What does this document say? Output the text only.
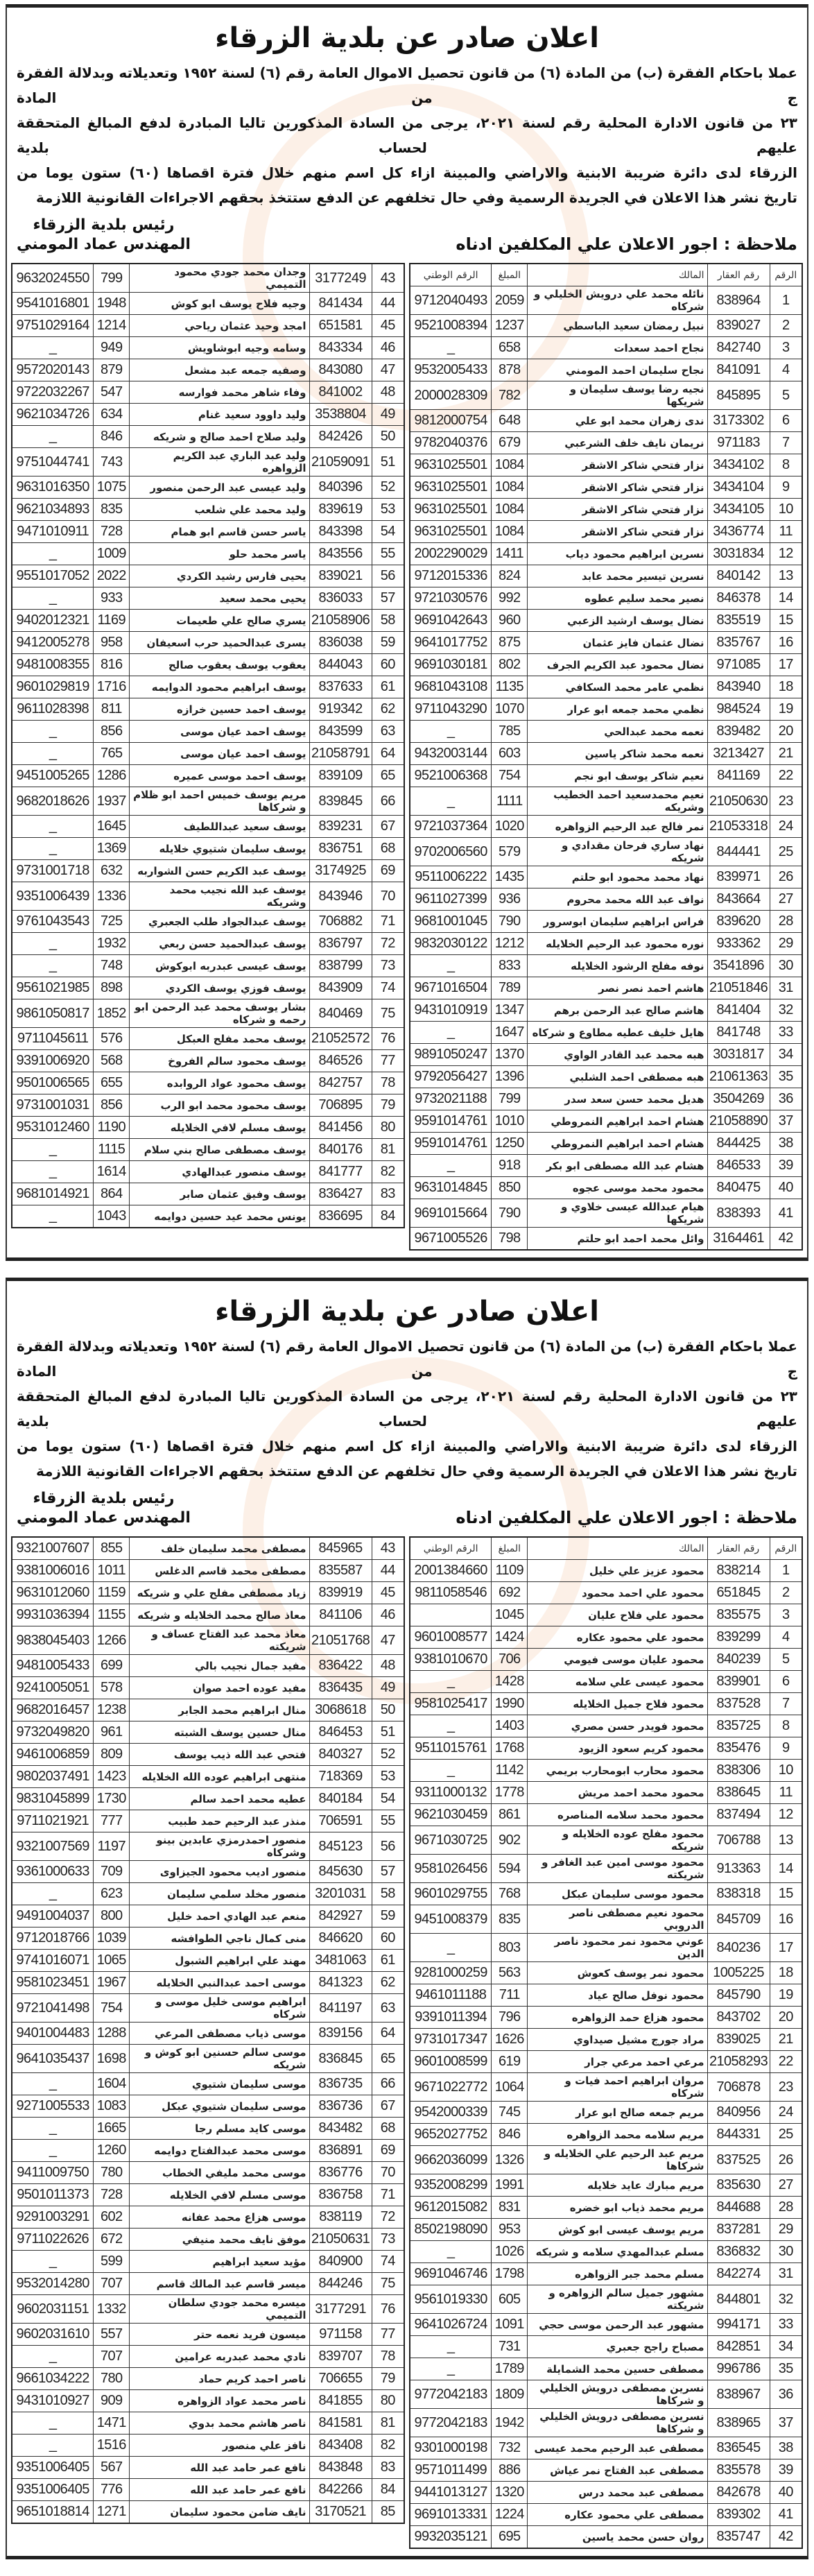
اعلان صادر عن بلدية الزرقاء
عملا باحكام الفقرة (ب) من المادة (٦) من قانون تحصيل الاموال العامة رقم (٦) لسنة ١٩٥٢ وتعديلاته وبدلالة الفقرة ج من المادة
٢٣ من قانون الادارة المحلية رقم لسنة ٢٠٢١، يرجى من السادة المذكورين تاليا المبادرة لدفع المبالغ المتحققة عليهم لحساب بلدية
الزرقاء لدى دائرة ضريبة الابنية والاراضي والمبينة ازاء كل اسم منهم خلال فترة اقصاها (٦٠) ستون يوما من
تاريخ نشر هذا الاعلان في الجريدة الرسمية وفي حال تخلفهم عن الدفع ستتخذ بحقهم الاجراءات القانونية اللازمة
ملاحظة : اجور الاعلان علي المكلفين ادناه
رئيس بلدية الزرقاء
المهندس عماد المومني
الرقم	رقم العقار	المالك	المبلغ	الرقم الوطني
1	838964	نائله محمد علي درويش الخليلي و شركاه	2059	9712040493
2	839027	نبيل رمضان سعيد الباسطي	1237	9521008394
3	842740	نجاح احمد سعدات	658	_
4	841091	نجاح سليمان احمد المومني	878	9532005433
5	845895	نجيه رضا يوسف سليمان و شريكها	782	2000028309
6	3173302	ندى زهران محمد ابو علي	648	9812000754
7	971183	نريمان نايف خلف الشرعبي	679	9782040376
8	3434102	نزار فتحي شاكر الاشقر	1084	9631025501
9	3434104	نزار فتحي شاكر الاشقر	1084	9631025501
10	3434105	نزار فتحي شاكر الاشقر	1084	9631025501
11	3436774	نزار فتحي شاكر الاشقر	1084	9631025501
12	3031834	نسرين ابراهيم محمود دياب	1411	2002290029
13	840142	نسرين تيسير محمد عابد	824	9712015336
14	846378	نصير محمد سليم عطوه	992	9721030576
15	835519	نضال يوسف ارشيد الزعبي	960	9691042643
16	835767	نضال عثمان فايز عثمان	875	9641017752
17	971085	نضال محمود عبد الكريم الجرف	802	9691030181
18	843940	نظمي عامر محمد السكافي	1135	9681043108
19	984524	نظمي محمد جمعه ابو عرار	1070	9711043290
20	839482	نعمه محمد عبدالحي	785	_
21	3213427	نعمه محمد شاكر ياسين	603	9432003144
22	841169	نعيم شاكر يوسف ابو نجم	754	9521006368
23	21050630	نعيم محمدسعيد احمد الخطيب وشريكه	1111	_
24	21053318	نمر فالح عبد الرحيم الزواهره	1020	9721037364
25	844441	نهاد ساري فرحان مقدادي و شريكه	579	9702006560
26	839971	نهاد محمد محمود ابو حلتم	1435	9511006222
27	843664	نواف عبد الله محمد محروم	936	9611027399
28	839620	فراس ابراهيم سليمان ابوسرور	790	9681001045
29	933362	نوره محمود عبد الرحيم الخلايله	1212	9832030122
30	3541896	نوفه مفلح الرشود الخلايله	833	_
31	21051846	هاشم احمد نصر نصر	789	9671016504
32	841404	هاشم صالح عبد الرحمن برهم	1347	9431010919
33	841748	هايل خليف عطيه مطاوع و شركاه	1647	_
34	3031817	هبه محمد عبد القادر الواوي	1370	9891050247
35	21061363	هبه مصطفى احمد الشلبي	1396	9792056427
36	3504269	هديل محمد حسن سعد سدر	799	9732021188
37	21058890	هشام احمد ابراهيم النمروطي	1010	9591014761
38	844425	هشام احمد ابراهيم النمروطي	1250	9591014761
39	846533	هشام عبد الله مصطفى ابو بكر	918	_
40	840475	محمود محمد موسى عجوه	850	9631014845
41	838393	هيام عبدالله عيسى خلاوي و شريكها	790	9691015664
42	3164461	وائل محمد احمد ابو حلتم	798	9671005526
43	3177249	وجدان محمد جودي محمود التميمي	799	9632024550
44	841434	وجيه فلاح يوسف ابو كوش	1948	9541016801
45	651581	امجد وحيد عثمان رياحي	1214	9751029164
46	843334	وسامه وجيه ابوشاويش	949	_
47	843080	وصفيه جمعه عبد مشعل	879	9572020143
48	841002	وفاء شاهر محمد فوارسه	547	9722032267
49	3538804	وليد داوود سعيد غنام	634	9621034726
50	842426	وليد صلاح احمد صالح و شريكه	846	_
51	21059091	وليد عبد الباري عبد الكريم الزواهره	743	9751044741
52	840396	وليد عيسى عبد الرحمن منصور	1075	9631016350
53	839619	وليد محمد علي شلعب	835	9621034893
54	843398	ياسر حسن قاسم ابو همام	728	9471010911
55	843556	ياسر محمد حلو	1009	_
56	839021	يحيى فارس رشيد الكردي	2022	9551017052
57	836033	يحيى محمد سعيد	933	_
58	21058906	يسري صالح علي طعيمات	1169	9402012321
59	836038	يسرى عبدالحميد حرب اسعيفان	958	9412005278
60	844043	يعقوب يوسف يعقوب صالح	816	9481008355
61	837633	يوسف ابراهيم محمود الدوايمه	1716	9601029819
62	919342	يوسف احمد حسين خرازه	811	9611028398
63	843599	يوسف احمد عيان موسى	856	_
64	21058791	يوسف احمد عيان موسى	765	_
65	839109	يوسف احمد موسى عميره	1286	9451005265
66	839845	مريم يوسف خميس احمد ابو ظلام و شركاها	1937	9682018626
67	839231	يوسف سعيد عبداللطيف	1645	_
68	836751	يوسف سليمان شتيوي خلايله	1369	_
69	3174925	يوسف عبد الكريم حسن الشواربه	632	9731001718
70	843946	يوسف عبد الله نجيب محمد وشريكه	1336	9351006439
71	706882	يوسف عبدالجواد طلب الجعبري	725	9761043543
72	836797	يوسف عبدالحميد حسن ربعي	1932	_
73	838799	يوسف عيسى عبدربه ابوكوش	748	_
74	843909	يوسف فوزي يوسف الكردي	898	9561021985
75	840469	بشار يوسف محمد عبد الرحمن ابو رحمه و شركاه	1852	9861050817
76	21052572	يوسف محمد مفلح العبكل	576	9711045611
77	846526	يوسف محمود سالم الفروخ	568	9391006920
78	842757	يوسف محمود عواد الروابده	655	9501006565
79	706895	يوسف محمود محمد ابو الرب	856	9731001031
80	841456	يوسف مسلم لافي الخلايله	1190	9531012460
81	840176	يوسف مصطفى صالح بني سلام	1115	_
82	841777	يوسف منصور عبدالهادي	1614	_
83	836427	يوسف وفيق عثمان صابر	864	9681014921
84	836695	يونس محمد عيد حسين دوايمه	1043	_
اعلان صادر عن بلدية الزرقاء
عملا باحكام الفقرة (ب) من المادة (٦) من قانون تحصيل الاموال العامة رقم (٦) لسنة ١٩٥٢ وتعديلاته وبدلالة الفقرة ج من المادة
٢٣ من قانون الادارة المحلية رقم لسنة ٢٠٢١، يرجى من السادة المذكورين تاليا المبادرة لدفع المبالغ المتحققة عليهم لحساب بلدية
الزرقاء لدى دائرة ضريبة الابنية والاراضي والمبينة ازاء كل اسم منهم خلال فترة اقصاها (٦٠) ستون يوما من
تاريخ نشر هذا الاعلان في الجريدة الرسمية وفي حال تخلفهم عن الدفع ستتخذ بحقهم الاجراءات القانونية اللازمة
ملاحظة : اجور الاعلان علي المكلفين ادناه
رئيس بلدية الزرقاء
المهندس عماد المومني
الرقم	رقم العقار	المالك	المبلغ	الرقم الوطني
1	838214	محمود عزيز علي خليل	1109	2001384660
2	651845	محمود علي احمد محمود	692	9811058546
3	835575	محمود علي فلاح عليان	1045	
4	839299	محمود علي محمود عكاره	1424	9601008577
5	840239	محمود عليان موسى فيومي	706	9381010670
6	839901	محمود عيسى علي سلامه	1428	_
7	837528	محمود فلاح جميل الخلايله	1990	9581025417
8	835725	محمود فويدر حسن مصري	1403	_
9	835476	محمود كريم سعود الزيود	1768	9511015761
10	838306	محمود محارب ابومحارب بريمي	1142	_
11	838645	محمود محمد احمد مريش	1778	9311000132
12	837494	محمود محمد سلامه المناصره	861	9621030459
13	706788	محمود مفلح عوده الخلايله و شريكه	902	9671030725
14	913363	محمود موسى امين عبد الغافر و شريكته	594	9581026456
15	838318	محمود موسى سليمان عبكل	768	9601029755
16	845709	محمود نعيم مصطفى ناصر الدروبي	835	9451008379
17	840236	عوني محمود نمر محمود ناصر الدين	803	_
18	1005225	محمود نمر يوسف كعوش	563	9281000259
19	845790	محمود نوفل صالح عياد	711	9461011188
20	843702	محمود هزاع حمد الزواهره	796	9391011394
21	839025	مراد جورج مشيل صيداوي	1626	9731017347
22	21058293	مرعي احمد مرعي جرار	619	9601008599
23	706878	مروان ابراهيم احمد فيات و شركاه	1064	9671022772
24	840956	مريم جمعه صالح ابو عرار	745	9542000339
25	844331	مريم سلامه محمد الزواهره	846	9652027752
26	837525	مريم عبد الرحيم علي الخلايله و شركاها	1326	9662036099
27	835630	مريم مبارك عايد خلايله	1991	9352008299
28	844688	مريم محمد ذياب ابو خضره	831	9612015082
29	837281	مريم يوسف عيسى ابو كوش	953	8502198090
30	836832	مسلم عبدالمهدي سلامه و شريكه	1026	_
31	842274	مسلم محمد جبر الزواهره	1798	9691046746
32	844801	مشهور جميل سالم الزواهره و شريكته	605	9561019330
33	994171	مشهور عبد الرحمن موسى حجي	1091	9641026724
34	842851	مصباح راجح جعبري	731	_
35	996786	مصطفى حسين محمد الشمايلة	1789	_
36	838967	نسرين مصطفى درويش الخليلي و شركاها	1809	9772042183
37	838965	نسرين مصطفى درويش الخليلي و شركاها	1942	9772042183
38	836545	مصطفى عبد الرحيم محمد عيسى	732	9301000198
39	835578	مصطفى عبد الفتاح نمر عياش	886	9571011499
40	842678	مصطفى عبد محمد درس	1320	9441013127
41	839302	مصطفى علي محمود عكاره	1224	9691013331
42	835747	روان حسن محمد ياسين	695	9932035121
43	845965	مصطفى محمد سليمان خلف	855	9321007607
44	835587	مصطفى محمد قاسم الدغلس	1011	9381006016
45	839919	زياد مصطفى مفلح علي و شريكه	1159	9631012060
46	841106	معاذ صالح محمد الخلايله و شريكه	1155	9931036394
47	21051768	معاذ محمد عبد الفتاح عساف و شريكته	1266	9838045403
48	836422	مفيد جمال نجيب بالي	699	9481005433
49	836435	مفيد عوده احمد صوان	578	9241005051
50	3068618	منال ابراهيم محمد الجابر	1238	9682016457
51	846453	منال حسين يوسف الشبته	961	9732049820
52	840327	فتحي عبد الله ذيب يوسف	809	9461006859
53	718369	منتهى ابراهيم عوده الله الخلايله	1423	9802037491
54	840184	عطيه محمد احمد سالم	1730	9831045899
55	706591	منذر عبد الرحيم حمد طبيب	777	9711021921
56	845123	منصور احمدرمزي عابدين بينو وشركاه	1197	9321007569
57	845630	منصور اديب محمود الجيزاوى	709	9361000633
58	3201031	منصور مخلد سلمي سليمان	623	_
59	842927	منعم عبد الهادي احمد خليل	800	9491004037
60	846620	منى كمال ناجي الطوافشه	1039	9712018766
61	3481063	مهند علي ابراهيم الشبول	1065	9741016071
62	841323	موسى احمد عبدالنبي الخلايله	1967	9581023451
63	841197	ابراهيم موسى خليل موسى و شركاه	754	9721041498
64	839156	موسى ذياب مصطفى المرعي	1288	9401004483
65	836845	موسى سالم حسنين ابو كوش و شريكه	1698	9641035437
66	836735	موسى سليمان شتيوي	1604	_
67	836736	موسى سليمان شتيوي عبكل	1083	9271005533
68	843482	موسى كايد مسلم رجا	1665	_
69	836891	موسى محمد عبدالفتاح دوايمه	1260	_
70	836776	موسى محمد مليفي الخطاب	780	9411009750
71	836758	موسى مسلم لافي الخلايله	728	9501011373
72	838119	موسى هزاع محمد عفانه	602	9291003291
73	21050631	موفق نايف محمد منيفي	672	9711022626
74	840900	مؤيد سعيد ابراهيم	599	_
75	844246	ميسر قاسم عبد المالك قاسم	707	9532014280
76	3177291	ميسره محمد جودي سلطان التميمي	1332	9602031151
77	971158	ميسون فريد نعمه حتر	557	9602031610
78	839707	نادي محمد عبدربه عرامين	707	_
79	706655	ناصر احمد كريم حماد	780	9661034222
80	841855	ناصر محمد عواد الزواهره	909	9431010927
81	841581	ناصر هاشم محمد بدوي	1471	_
82	843408	نافز علي منصور	1516	_
83	843848	نافع عمر حامد عبد الله	567	9351006405
84	842266	نافع عمر حامد عبد الله	776	9351006405
85	3170521	نايف ضامن محمود سليمان	1271	9651018814
